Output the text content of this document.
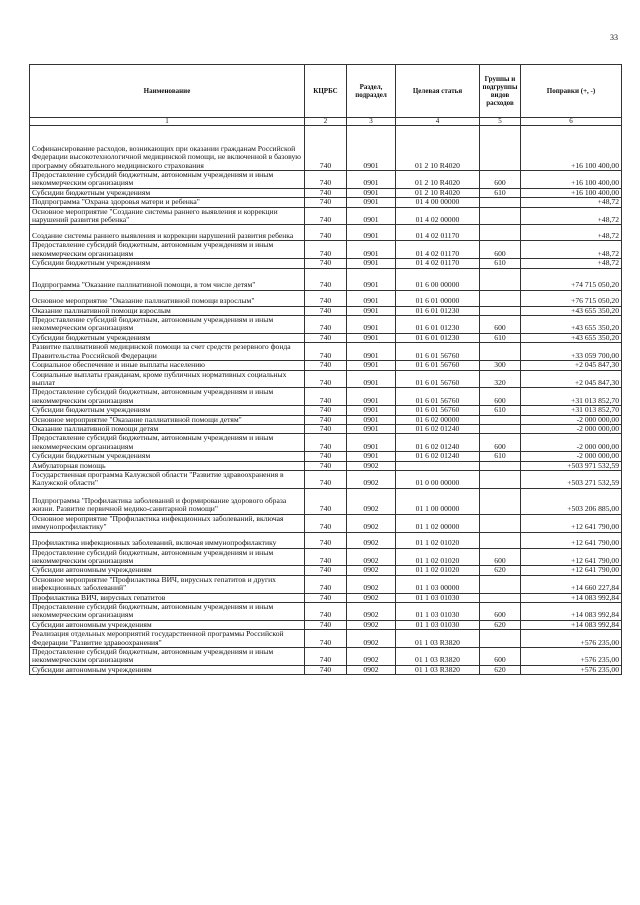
33
Наименование	КЦРБС	Раздел, подраздел	Целевая статья	Группы и подгруппы видов расходов	Поправки (+, -)
1	2	3	4	5	6
Софинансирование расходов, возникающих при оказании гражданам Российской Федерации высокотехнологичной медицинской помощи, не включенной в базовую программу обязательного медицинского страхования	740	0901	01 2 10 R4020		+16 100 400,00
Предоставление субсидий бюджетным, автономным учреждениям и иным некоммерческим организациям	740	0901	01 2 10 R4020	600	+16 100 400,00
Субсидии бюджетным учреждениям	740	0901	01 2 10 R4020	610	+16 100 400,00
Подпрограмма "Охрана здоровья матери и ребенка"	740	0901	01 4 00 00000		+48,72
Основное мероприятие "Создание системы раннего выявления и коррекции нарушений развития ребенка"	740	0901	01 4 02 00000		+48,72
Создание системы раннего выявления и коррекции нарушений развития ребенка	740	0901	01 4 02 01170		+48,72
Предоставление субсидий бюджетным, автономным учреждениям и иным некоммерческим организациям	740	0901	01 4 02 01170	600	+48,72
Субсидии бюджетным учреждениям	740	0901	01 4 02 01170	610	+48,72
Подпрограмма "Оказание паллиативной помощи, в том числе детям"	740	0901	01 6 00 00000		+74 715 050,20
Основное мероприятие "Оказание паллиативной помощи взрослым"	740	0901	01 6 01 00000		+76 715 050,20
Оказание паллиативной помощи взрослым	740	0901	01 6 01 01230		+43 655 350,20
Предоставление субсидий бюджетным, автономным учреждениям и иным некоммерческим организациям	740	0901	01 6 01 01230	600	+43 655 350,20
Субсидии бюджетным учреждениям	740	0901	01 6 01 01230	610	+43 655 350,20
Развитие паллиативной медицинской помощи за счет средств резервного фонда Правительства Российской Федерации	740	0901	01 6 01 56760		+33 059 700,00
Социальное обеспечение и иные выплаты населению	740	0901	01 6 01 56760	300	+2 045 847,30
Социальные выплаты гражданам, кроме публичных нормативных социальных выплат	740	0901	01 6 01 56760	320	+2 045 847,30
Предоставление субсидий бюджетным, автономным учреждениям и иным некоммерческим организациям	740	0901	01 6 01 56760	600	+31 013 852,70
Субсидии бюджетным учреждениям	740	0901	01 6 01 56760	610	+31 013 852,70
Основное мероприятие "Оказание паллиативной помощи детям"	740	0901	01 6 02 00000		-2 000 000,00
Оказание паллиативной помощи детям	740	0901	01 6 02 01240		-2 000 000,00
Предоставление субсидий бюджетным, автономным учреждениям и иным некоммерческим организациям	740	0901	01 6 02 01240	600	-2 000 000,00
Субсидии бюджетным учреждениям	740	0901	01 6 02 01240	610	-2 000 000,00
Амбулаторная помощь	740	0902			+503 971 532,59
Государственная программа Калужской области "Развитие здравоохранения в Калужской области"	740	0902	01 0 00 00000		+503 271 532,59
Подпрограмма "Профилактика заболеваний и формирование здорового образа жизни. Развитие первичной медико-санитарной помощи"	740	0902	01 1 00 00000		+503 206 885,00
Основное мероприятие "Профилактика инфекционных заболеваний, включая иммунопрофилактику"	740	0902	01 1 02 00000		+12 641 790,00
Профилактика инфекционных заболеваний, включая иммунопрофилактику	740	0902	01 1 02 01020		+12 641 790,00
Предоставление субсидий бюджетным, автономным учреждениям и иным некоммерческим организациям	740	0902	01 1 02 01020	600	+12 641 790,00
Субсидии автономным учреждениям	740	0902	01 1 02 01020	620	+12 641 790,00
Основное мероприятие "Профилактика ВИЧ, вирусных гепатитов и других инфекционных заболеваний"	740	0902	01 1 03 00000		+14 660 227,84
Профилактика ВИЧ, вирусных гепатитов	740	0902	01 1 03 01030		+14 083 992,84
Предоставление субсидий бюджетным, автономным учреждениям и иным некоммерческим организациям	740	0902	01 1 03 01030	600	+14 083 992,84
Субсидии автономным учреждениям	740	0902	01 1 03 01030	620	+14 083 992,84
Реализация отдельных мероприятий государственной программы Российской Федерации "Развитие здравоохранения"	740	0902	01 1 03 R3820		+576 235,00
Предоставление субсидий бюджетным, автономным учреждениям и иным некоммерческим организациям	740	0902	01 1 03 R3820	600	+576 235,00
Субсидии автономным учреждениям	740	0902	01 1 03 R3820	620	+576 235,00
